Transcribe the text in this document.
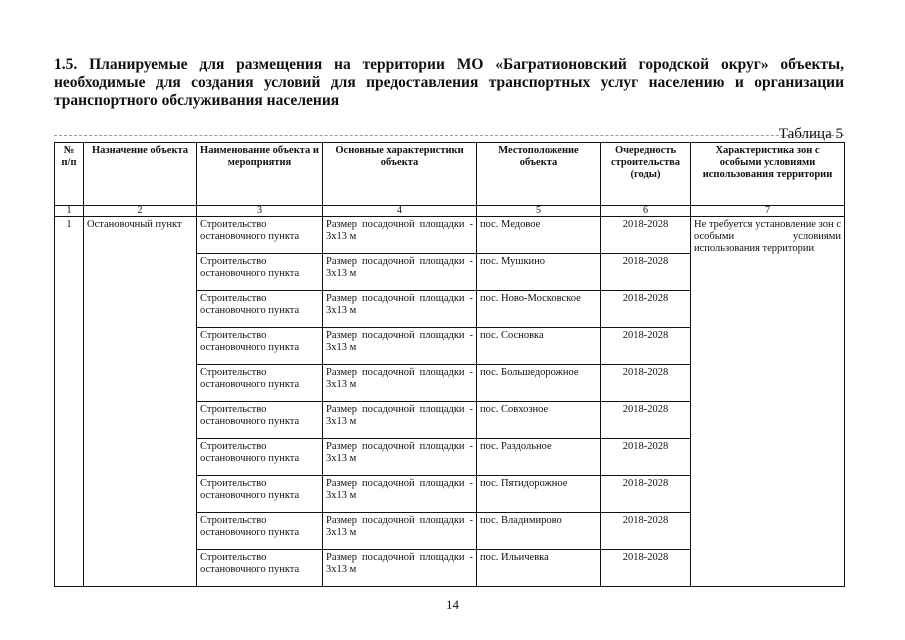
1.5. Планируемые для размещения на территории МО «Багратионовский городской округ» объекты, необходимые для создания условий для предоставления транспортных услуг населению и организации транспортного обслуживания населения
Таблица 5
№ п/п	Назначение объекта	Наименование объекта и мероприятия	Основные характеристики объекта	Местоположение объекта	Очередность строительства (годы)	Характеристика зон с особыми условиями использования территории
1	2	3	4	5	6	7
1	Остановочный пункт	Строительство остановочного пункта	Размер посадочной площадки - 3x13 м	пос. Медовое	2018-2028	Не требуется установление зон с особыми условиями использования территории
		Строительство остановочного пункта	Размер посадочной площадки - 3x13 м	пос. Мушкино	2018-2028	
		Строительство остановочного пункта	Размер посадочной площадки - 3x13 м	пос. Ново-Московское	2018-2028	
		Строительство остановочного пункта	Размер посадочной площадки - 3x13 м	пос. Сосновка	2018-2028	
		Строительство остановочного пункта	Размер посадочной площадки - 3x13 м	пос. Большедорожное	2018-2028	
		Строительство остановочного пункта	Размер посадочной площадки - 3x13 м	пос. Совхозное	2018-2028	
		Строительство остановочного пункта	Размер посадочной площадки - 3x13 м	пос. Раздольное	2018-2028	
		Строительство остановочного пункта	Размер посадочной площадки - 3x13 м	пос. Пятидорожное	2018-2028	
		Строительство остановочного пункта	Размер посадочной площадки - 3x13 м	пос. Владимирово	2018-2028	
		Строительство остановочного пункта	Размер посадочной площадки - 3x13 м	пос. Ильичевка	2018-2028	
14
